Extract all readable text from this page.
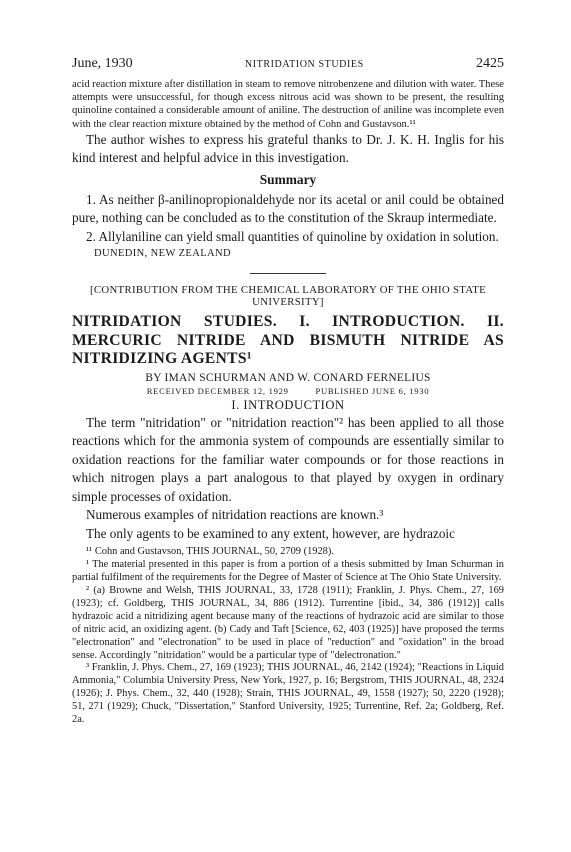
June, 1930	NITRIDATION STUDIES	2425

acid reaction mixture after distillation in steam to remove nitrobenzene and dilution with water. These attempts were unsuccessful, for though excess nitrous acid was shown to be present, the resulting quinoline contained a considerable amount of aniline. The destruction of aniline was incomplete even with the clear reaction mixture obtained by the method of Cohn and Gustavson.¹¹

The author wishes to express his grateful thanks to Dr. J. K. H. Inglis for his kind interest and helpful advice in this investigation.

Summary

1. As neither β-anilinopropionaldehyde nor its acetal or anil could be obtained pure, nothing can be concluded as to the constitution of the Skraup intermediate.

2. Allylaniline can yield small quantities of quinoline by oxidation in solution.

DUNEDIN, NEW ZEALAND
[CONTRIBUTION FROM THE CHEMICAL LABORATORY OF THE OHIO STATE UNIVERSITY]
NITRIDATION STUDIES. I. INTRODUCTION. II. MERCURIC NITRIDE AND BISMUTH NITRIDE AS NITRIDIZING AGENTS¹
BY IMAN SCHURMAN AND W. CONARD FERNELIUS
RECEIVED DECEMBER 12, 1929	PUBLISHED JUNE 6, 1930
I. INTRODUCTION

The term "nitridation" or "nitridation reaction"² has been applied to all those reactions which for the ammonia system of compounds are essentially similar to oxidation reactions for the familiar water compounds or for those reactions in which nitrogen plays a part analogous to that played by oxygen in ordinary simple processes of oxidation.

Numerous examples of nitridation reactions are known.³

The only agents to be examined to any extent, however, are hydrazoic

¹¹ Cohn and Gustavson, THIS JOURNAL, 50, 2709 (1928).

¹ The material presented in this paper is from a portion of a thesis submitted by Iman Schurman in partial fulfilment of the requirements for the Degree of Master of Science at The Ohio State University.

² (a) Browne and Welsh, THIS JOURNAL, 33, 1728 (1911); Franklin, J. Phys. Chem., 27, 169 (1923); cf. Goldberg, THIS JOURNAL, 34, 886 (1912). Turrentine [ibid., 34, 386 (1912)] calls hydrazoic acid a nitridizing agent because many of the reactions of hydrazoic acid are similar to those of nitric acid, an oxidizing agent. (b) Cady and Taft [Science, 62, 403 (1925)] have proposed the terms "electronation" and "electronation" to be used in place of "reduction" and "oxidation" in the broad sense. Accordingly "nitridation" would be a particular type of "delectronation."

³ Franklin, J. Phys. Chem., 27, 169 (1923); THIS JOURNAL, 46, 2142 (1924); "Reactions in Liquid Ammonia," Columbia University Press, New York, 1927, p. 16; Bergstrom, THIS JOURNAL, 48, 2324 (1926); J. Phys. Chem., 32, 440 (1928); Strain, THIS JOURNAL, 49, 1558 (1927); 50, 2220 (1928); 51, 271 (1929); Chuck, "Dissertation," Stanford University, 1925; Turrentine, Ref. 2a; Goldberg, Ref. 2a.
